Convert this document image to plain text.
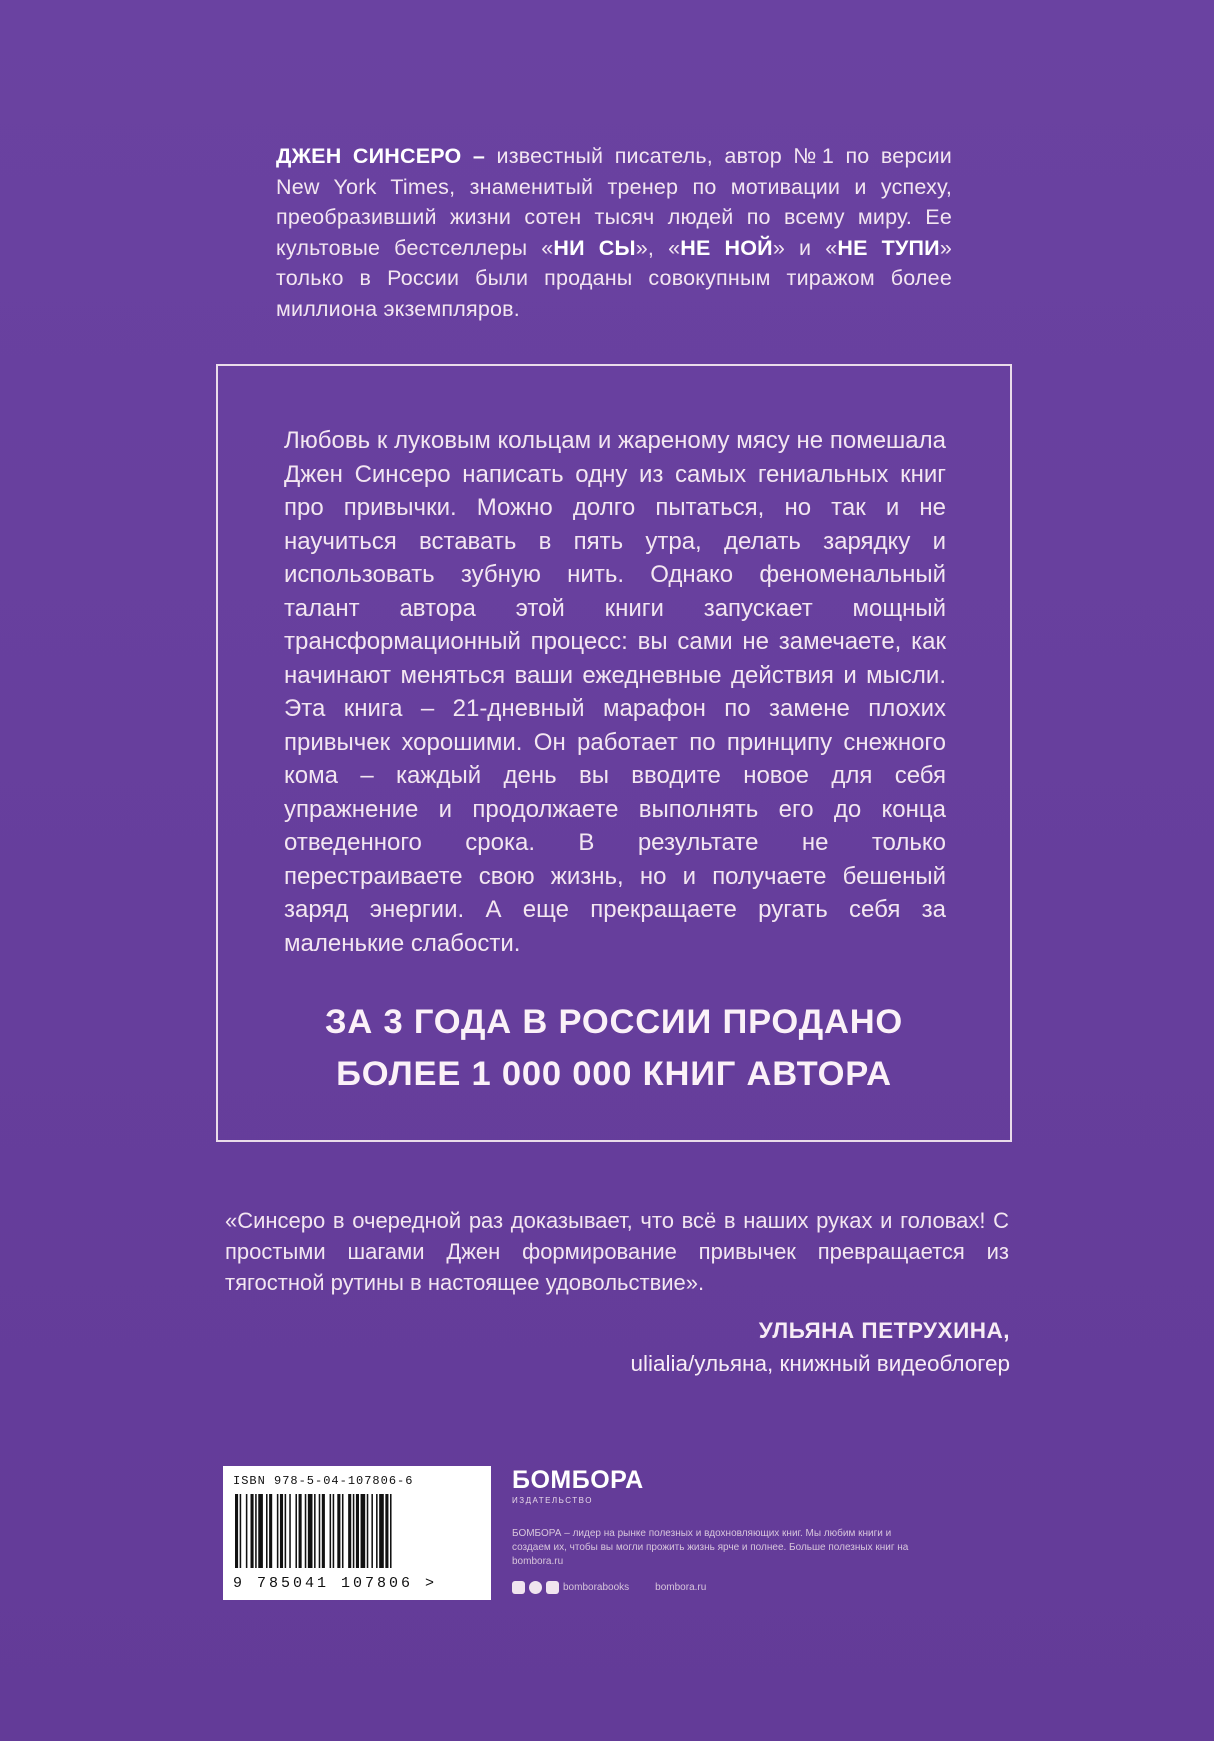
ДЖЕН СИНСЕРО – известный писатель, автор №1 по версии New York Times, знаменитый тренер по мотивации и успеху, преобразивший жизни сотен тысяч людей по всему миру. Ее культовые бестселлеры «НИ СЫ», «НЕ НОЙ» и «НЕ ТУПИ» только в России были проданы совокупным тиражом более миллиона экземпляров.
Любовь к луковым кольцам и жареному мясу не помешала Джен Синсеро написать одну из самых гениальных книг про привычки. Можно долго пытаться, но так и не научиться вставать в пять утра, делать зарядку и использовать зубную нить. Однако феноменальный талант автора этой книги запускает мощный трансформационный процесс: вы сами не замечаете, как начинают меняться ваши ежедневные действия и мысли. Эта книга – 21-дневный марафон по замене плохих привычек хорошими. Он работает по принципу снежного кома – каждый день вы вводите новое для себя упражнение и продолжаете выполнять его до конца отведенного срока. В результате не только перестраиваете свою жизнь, но и получаете бешеный заряд энергии. А еще прекращаете ругать себя за маленькие слабости.
ЗА 3 ГОДА В РОССИИ ПРОДАНО
БОЛЕЕ 1 000 000 КНИГ АВТОРА
«Синсеро в очередной раз доказывает, что всё в наших руках и головах! С простыми шагами Джен формирование привычек превращается из тягостной рутины в настоящее удовольствие».
УЛЬЯНА ПЕТРУХИНА,
ulialia/ульяна, книжный видеоблогер
ISBN 978-5-04-107806-6
9 785041 107806 >
БОМБОРА
ИЗДАТЕЛЬСТВО
БОМБОРА – лидер на рынке полезных и вдохновляющих книг. Мы любим книги и создаем их, чтобы вы могли прожить жизнь ярче и полнее. Больше полезных книг на bombora.ru
bomborabooks	bombora.ru
